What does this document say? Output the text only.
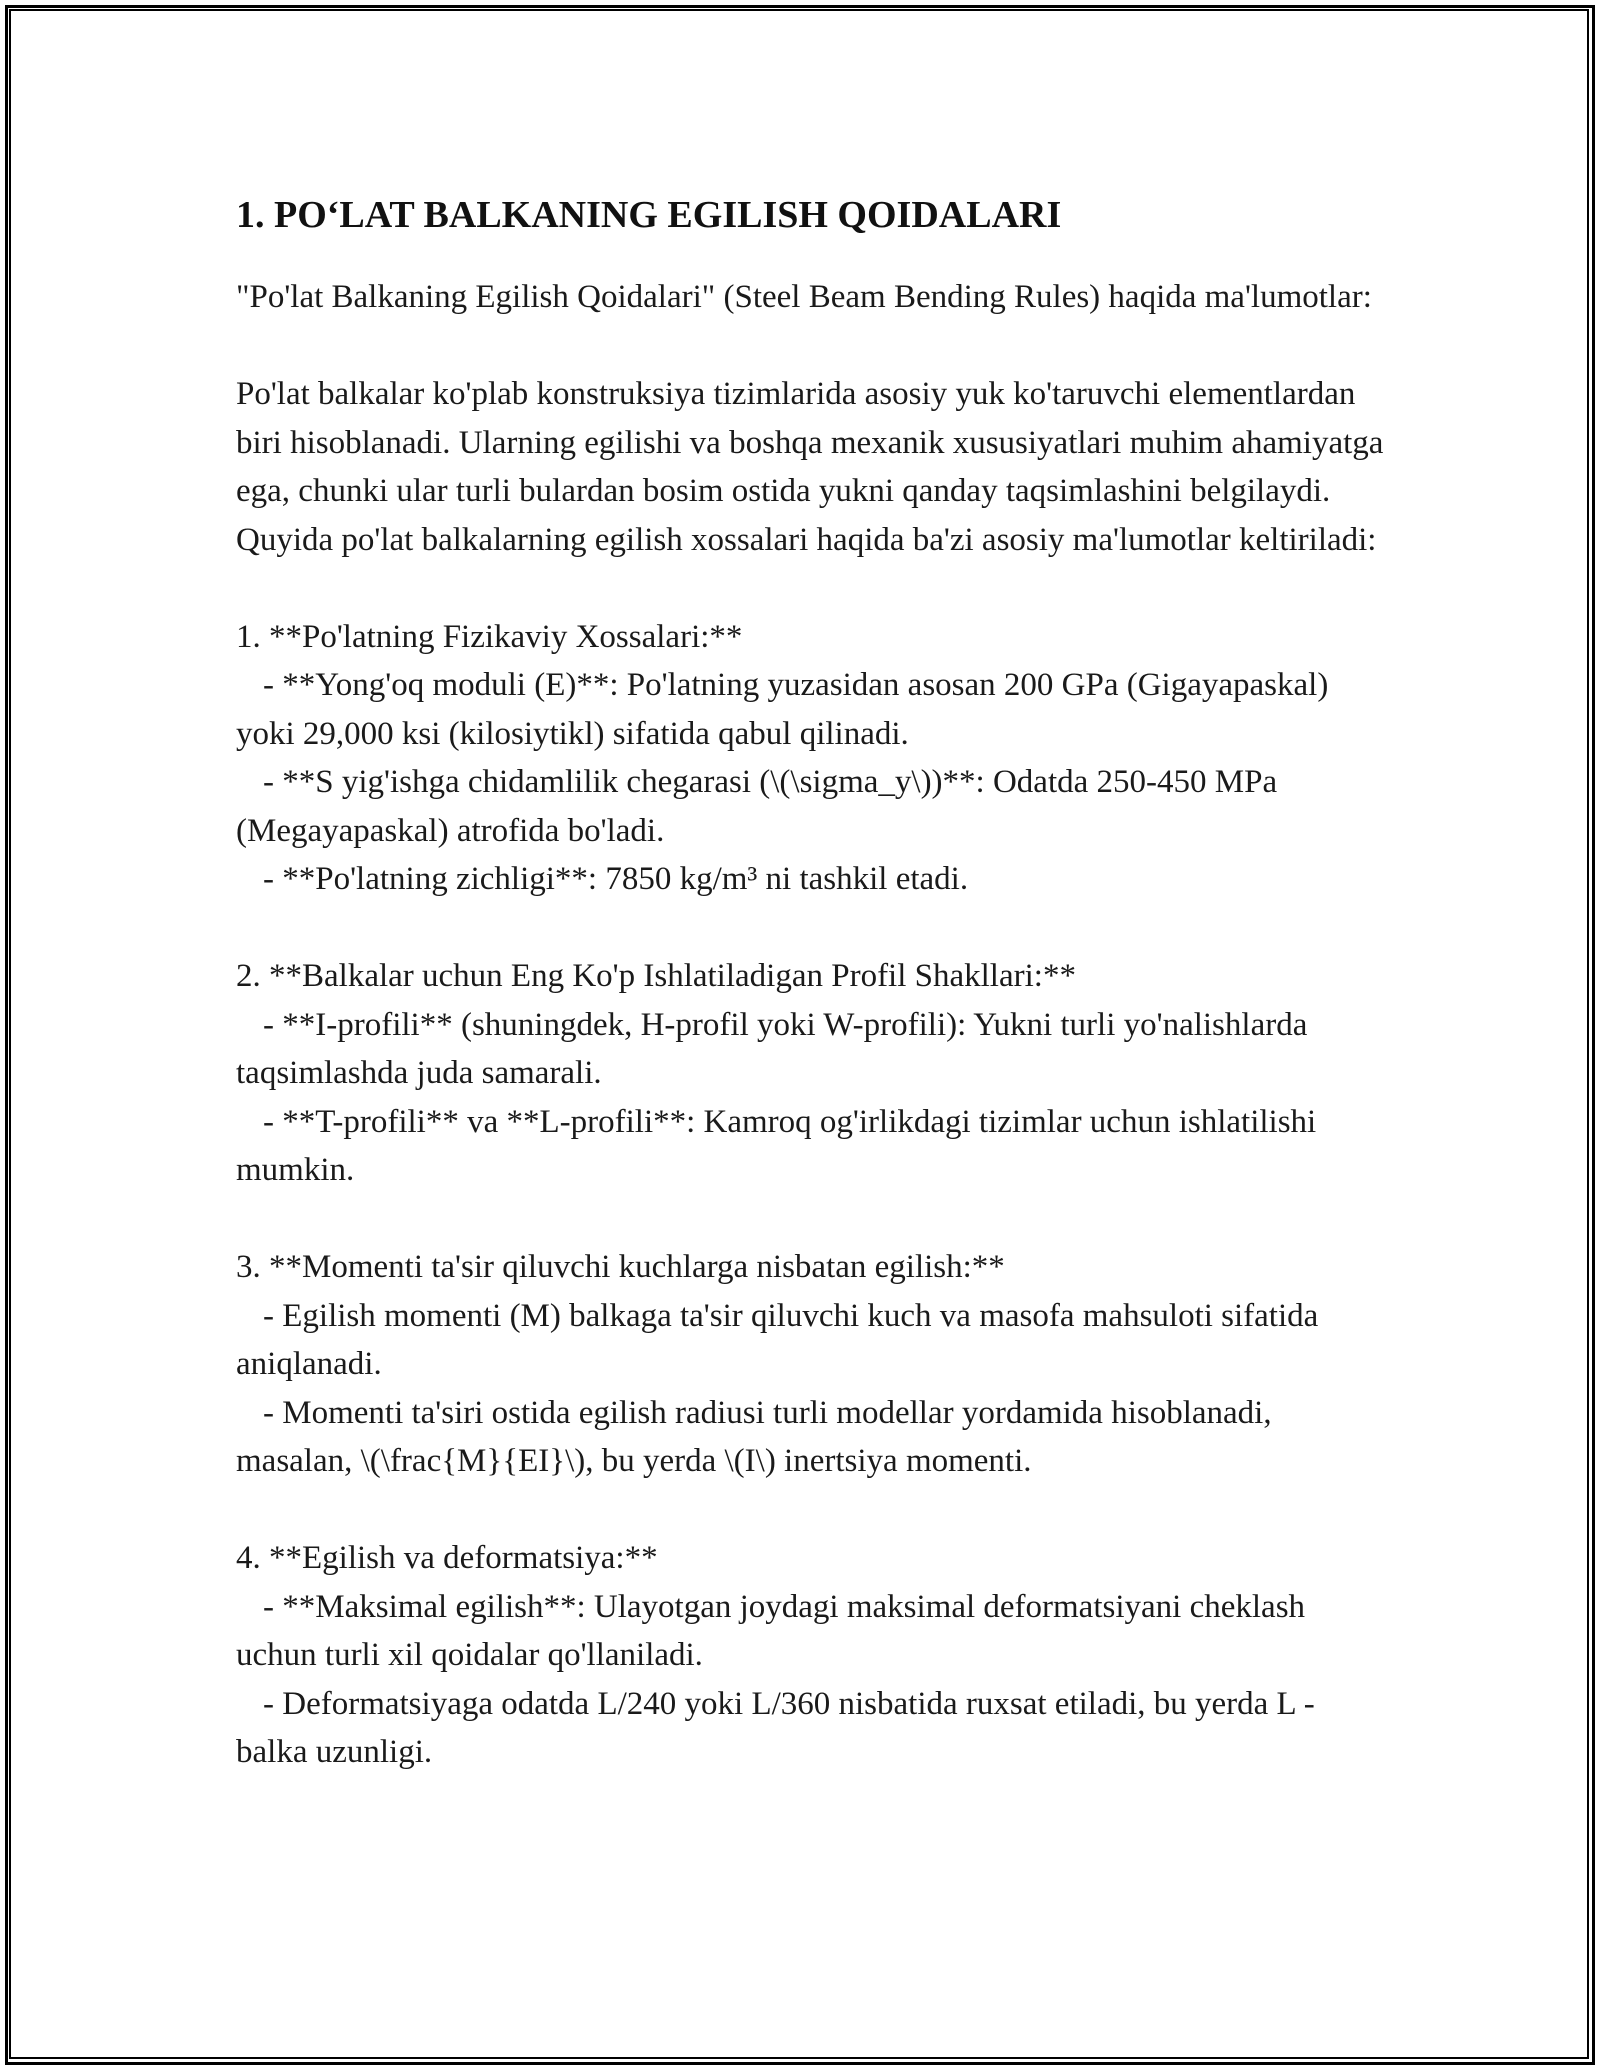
1. PO‘LAT BALKANING EGILISH QOIDALARI

"Po'lat Balkaning Egilish Qoidalari" (Steel Beam Bending Rules) haqida ma'lumotlar:

Po'lat balkalar ko'plab konstruksiya tizimlarida asosiy yuk ko'taruvchi elementlardan biri hisoblanadi. Ularning egilishi va boshqa mexanik xususiyatlari muhim ahamiyatga ega, chunki ular turli bulardan bosim ostida yukni qanday taqsimlashini belgilaydi. Quyida po'lat balkalarning egilish xossalari haqida ba'zi asosiy ma'lumotlar keltiriladi:

1. **Po'latning Fizikaviy Xossalari:**

- **Yong'oq moduli (E)**: Po'latning yuzasidan asosan 200 GPa (Gigayapaskal) yoki 29,000 ksi (kilosiytikl) sifatida qabul qilinadi.

- **S yig'ishga chidamlilik chegarasi (\(\sigma_y\))**: Odatda 250-450 MPa (Megayapaskal) atrofida bo'ladi.

- **Po'latning zichligi**: 7850 kg/m³ ni tashkil etadi.

2. **Balkalar uchun Eng Ko'p Ishlatiladigan Profil Shakllari:**

- **I-profili** (shuningdek, H-profil yoki W-profili): Yukni turli yo'nalishlarda taqsimlashda juda samarali.

- **T-profili** va **L-profili**: Kamroq og'irlikdagi tizimlar uchun ishlatilishi mumkin.

3. **Momenti ta'sir qiluvchi kuchlarga nisbatan egilish:**

- Egilish momenti (M) balkaga ta'sir qiluvchi kuch va masofa mahsuloti sifatida aniqlanadi.

- Momenti ta'siri ostida egilish radiusi turli modellar yordamida hisoblanadi, masalan, \(\frac{M}{EI}\), bu yerda \(I\) inertsiya momenti.

4. **Egilish va deformatsiya:**

- **Maksimal egilish**: Ulayotgan joydagi maksimal deformatsiyani cheklash uchun turli xil qoidalar qo'llaniladi.

- Deformatsiyaga odatda L/240 yoki L/360 nisbatida ruxsat etiladi, bu yerda L - balka uzunligi.
